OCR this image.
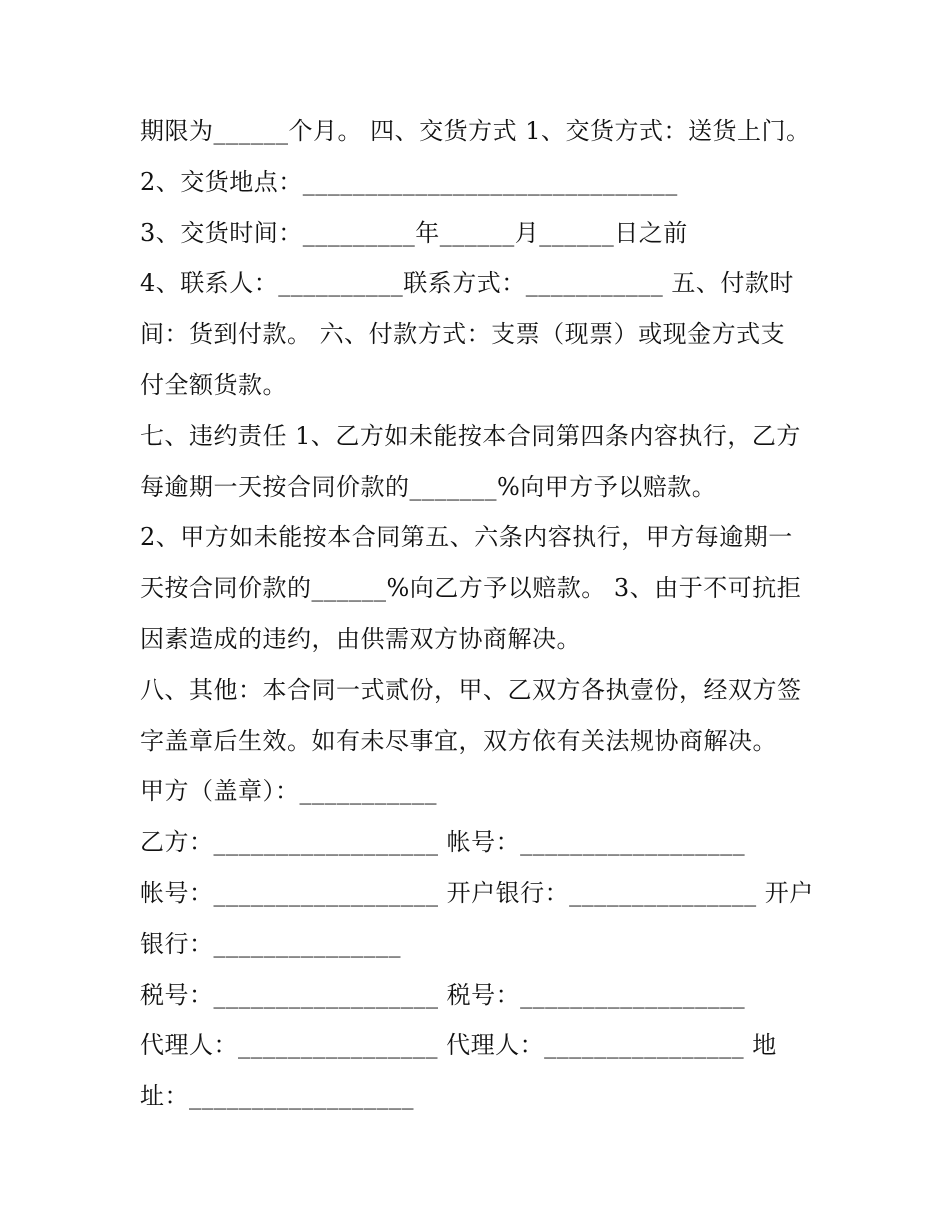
期限为______个月。 四、交货方式 1、交货方式：送货上门。
2、交货地点：______________________________
3、交货时间：_________年______月______日之前
4、联系人：__________联系方式：___________ 五、付款时
间：货到付款。 六、付款方式：支票（现票）或现金方式支
付全额货款。
七、违约责任 1、乙方如未能按本合同第四条内容执行，乙方
每逾期一天按合同价款的_______%向甲方予以赔款。
2、甲方如未能按本合同第五、六条内容执行，甲方每逾期一
天按合同价款的______%向乙方予以赔款。 3、由于不可抗拒
因素造成的违约，由供需双方协商解决。
八、其他：本合同一式贰份，甲、乙双方各执壹份，经双方签
字盖章后生效。如有未尽事宜，双方依有关法规协商解决。
甲方（盖章）：___________
乙方：__________________ 帐号：__________________
帐号：__________________ 开户银行：_______________ 开户
银行：_______________
税号：__________________ 税号：__________________
代理人：________________ 代理人：________________ 地
址：__________________
